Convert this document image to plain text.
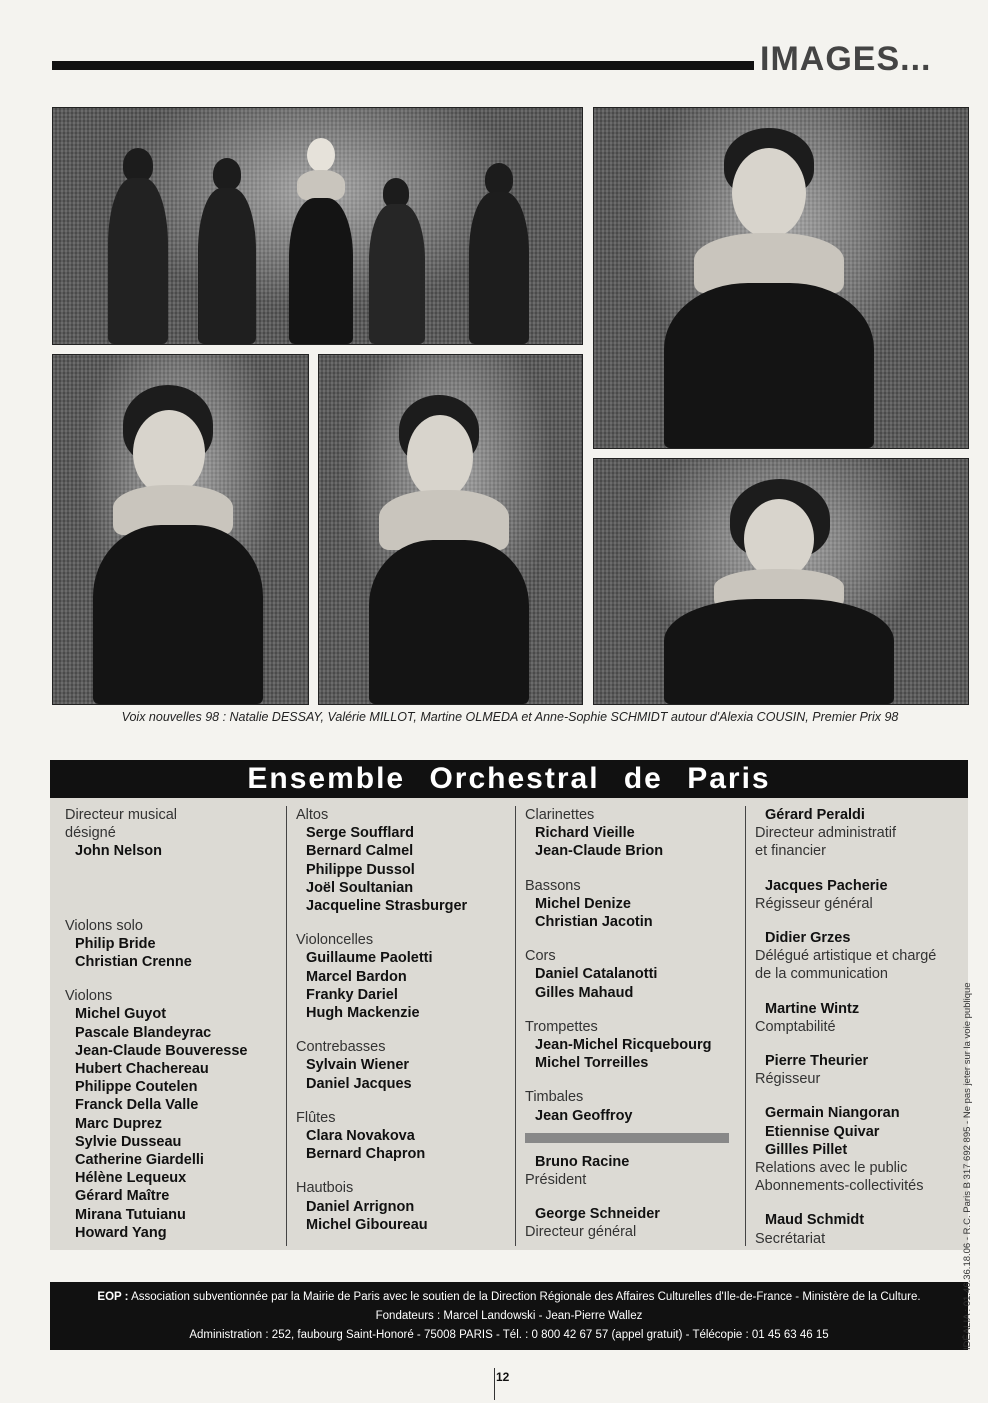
IMAGES...
Voix nouvelles 98 : Natalie DESSAY, Valérie MILLOT, Martine OLMEDA et Anne-Sophie SCHMIDT autour d'Alexia COUSIN, Premier Prix 98
Ensemble Orchestral de Paris
Directeur musical
désigné
John Nelson
Violons solo
Philip Bride
Christian Crenne
Violons
Michel Guyot
Pascale Blandeyrac
Jean-Claude Bouveresse
Hubert Chachereau
Philippe Coutelen
Franck Della Valle
Marc Duprez
Sylvie Dusseau
Catherine Giardelli
Hélène Lequeux
Gérard Maître
Mirana Tutuianu
Howard Yang
Altos
Serge Soufflard
Bernard Calmel
Philippe Dussol
Joël Soultanian
Jacqueline Strasburger
Violoncelles
Guillaume Paoletti
Marcel Bardon
Franky Dariel
Hugh Mackenzie
Contrebasses
Sylvain Wiener
Daniel Jacques
Flûtes
Clara Novakova
Bernard Chapron
Hautbois
Daniel Arrignon
Michel Giboureau
Clarinettes
Richard Vieille
Jean-Claude Brion
Bassons
Michel Denize
Christian Jacotin
Cors
Daniel Catalanotti
Gilles Mahaud
Trompettes
Jean-Michel Ricquebourg
Michel Torreilles
Timbales
Jean Geoffroy
Bruno Racine
Président
George Schneider
Directeur général
Gérard Peraldi
Directeur administratif
et financier
Jacques Pacherie
Régisseur général
Didier Grzes
Délégué artistique et chargé
de la communication
Martine Wintz
Comptabilité
Pierre Theurier
Régisseur
Germain Niangoran
Etiennise Quivar
Gillles Pillet
Relations avec le public
Abonnements-collectivités
Maud Schmidt
Secrétariat
EOP : Association subventionnée par la Mairie de Paris avec le soutien de la Direction Régionale des Affaires Culturelles d'Ile-de-France - Ministère de la Culture.
Fondateurs : Marcel Landowski - Jean-Pierre Wallez
Administration : 252, faubourg Saint-Honoré - 75008 PARIS - Tél. : 0 800 42 67 57 (appel gratuit) - Télécopie : 01 45 63 46 15
12
IDÉALIA : 01.46.36.18.06 - R.C. Paris B 317 692 895 - Ne pas jeter sur la voie publique
